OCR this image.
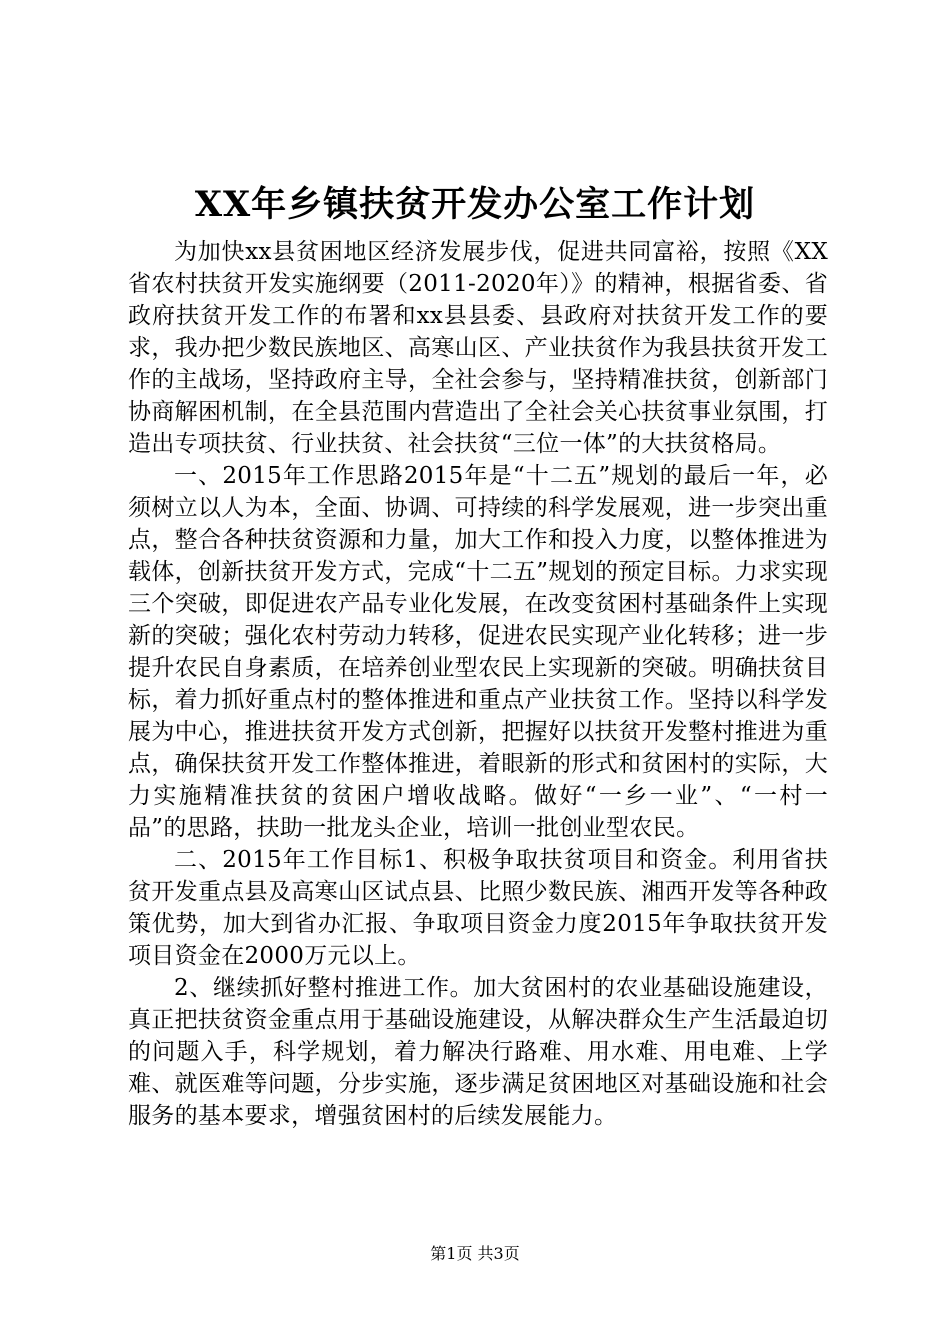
XX年乡镇扶贫开发办公室工作计划

为加快xx县贫困地区经济发展步伐，促进共同富裕，按照《XX省农村扶贫开发实施纲要（2011-2020年）》的精神，根据省委、省政府扶贫开发工作的布署和xx县县委、县政府对扶贫开发工作的要求，我办把少数民族地区、高寒山区、产业扶贫作为我县扶贫开发工作的主战场，坚持政府主导，全社会参与，坚持精准扶贫，创新部门协商解困机制，在全县范围内营造出了全社会关心扶贫事业氛围，打造出专项扶贫、行业扶贫、社会扶贫“三位一体”的大扶贫格局。

一、2015年工作思路2015年是“十二五”规划的最后一年，必须树立以人为本，全面、协调、可持续的科学发展观，进一步突出重点，整合各种扶贫资源和力量，加大工作和投入力度，以整体推进为载体，创新扶贫开发方式，完成“十二五”规划的预定目标。力求实现三个突破，即促进农产品专业化发展，在改变贫困村基础条件上实现新的突破；强化农村劳动力转移，促进农民实现产业化转移；进一步提升农民自身素质，在培养创业型农民上实现新的突破。明确扶贫目标，着力抓好重点村的整体推进和重点产业扶贫工作。坚持以科学发展为中心，推进扶贫开发方式创新，把握好以扶贫开发整村推进为重点，确保扶贫开发工作整体推进，着眼新的形式和贫困村的实际，大力实施精准扶贫的贫困户增收战略。做好“一乡一业”、“一村一品”的思路，扶助一批龙头企业，培训一批创业型农民。

二、2015年工作目标1、积极争取扶贫项目和资金。利用省扶贫开发重点县及高寒山区试点县、比照少数民族、湘西开发等各种政策优势，加大到省办汇报、争取项目资金力度2015年争取扶贫开发项目资金在2000万元以上。

2、继续抓好整村推进工作。加大贫困村的农业基础设施建设，真正把扶贫资金重点用于基础设施建设，从解决群众生产生活最迫切的问题入手，科学规划，着力解决行路难、用水难、用电难、上学难、就医难等问题，分步实施，逐步满足贫困地区对基础设施和社会服务的基本要求，增强贫困村的后续发展能力。

第1页 共3页
